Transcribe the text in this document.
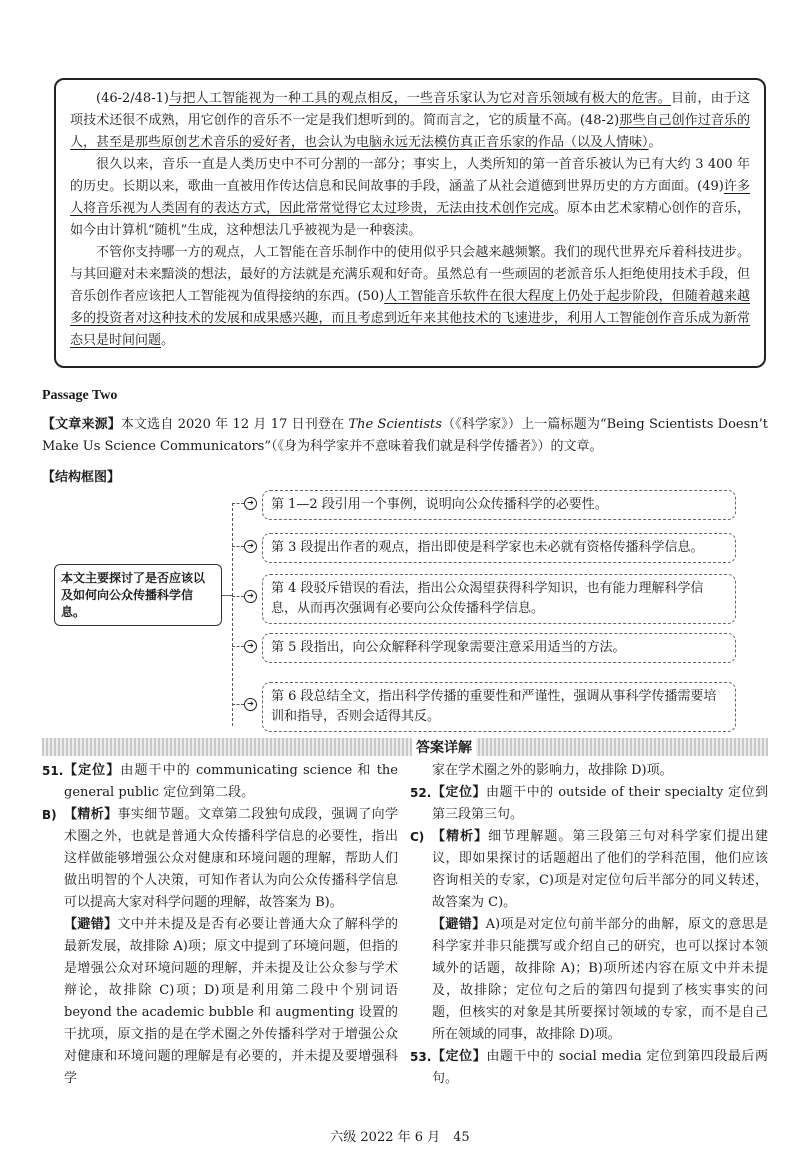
(46-2/48-1)与把人工智能视为一种工具的观点相反，一些音乐家认为它对音乐领域有极大的危害。目前，由于这项技术还很不成熟，用它创作的音乐不一定是我们想听到的。简而言之，它的质量不高。(48-2)那些自己创作过音乐的人，甚至是那些原创艺术音乐的爱好者，也会认为电脑永远无法模仿真正音乐家的作品（以及人情味）。

很久以来，音乐一直是人类历史中不可分割的一部分；事实上，人类所知的第一首音乐被认为已有大约 3 400 年的历史。长期以来，歌曲一直被用作传达信息和民间故事的手段，涵盖了从社会道德到世界历史的方方面面。(49)许多人将音乐视为人类固有的表达方式，因此常常觉得它太过珍贵，无法由技术创作完成。原本由艺术家精心创作的音乐，如今由计算机“随机”生成，这种想法几乎被视为是一种亵渎。

不管你支持哪一方的观点，人工智能在音乐制作中的使用似乎只会越来越频繁。我们的现代世界充斥着科技进步。与其回避对未来黯淡的想法，最好的方法就是充满乐观和好奇。虽然总有一些顽固的老派音乐人拒绝使用技术手段，但音乐创作者应该把人工智能视为值得接纳的东西。(50)人工智能音乐软件在很大程度上仍处于起步阶段，但随着越来越多的投资者对这种技术的发展和成果感兴趣，而且考虑到近年来其他技术的飞速进步，利用人工智能创作音乐成为新常态只是时间问题。

Passage Two
【文章来源】本文选自 2020 年 12 月 17 日刊登在 The Scientists（《科学家》）上一篇标题为“Being Scientists Doesn’t Make Us Science Communicators”（《身为科学家并不意味着我们就是科学传播者》）的文章。
【结构框图】
本文主要探讨了是否应该以及如何向公众传播科学信息。
➔	第 1—2 段引用一个事例，说明向公众传播科学的必要性。
➔	第 3 段提出作者的观点，指出即使是科学家也未必就有资格传播科学信息。
➔	第 4 段驳斥错误的看法，指出公众渴望获得科学知识，也有能力理解科学信息，从而再次强调有必要向公众传播科学信息。
➔	第 5 段指出，向公众解释科学现象需要注意采用适当的方法。
➔	第 6 段总结全文，指出科学传播的重要性和严谨性，强调从事科学传播需要培训和指导，否则会适得其反。
答案详解
51. 【定位】由题干中的 communicating science 和 the general public 定位到第二段。
B) 【精析】事实细节题。文章第二段独句成段，强调了向学术圈之外，也就是普通大众传播科学信息的必要性，指出这样做能够增强公众对健康和环境问题的理解，帮助人们做出明智的个人决策，可知作者认为向公众传播科学信息可以提高大家对科学问题的理解，故答案为 B)。
【避错】文中并未提及是否有必要让普通大众了解科学的最新发展，故排除 A)项；原文中提到了环境问题，但指的是增强公众对环境问题的理解，并未提及让公众参与学术辩论，故排除 C)项；D)项是利用第二段中个别词语 beyond the academic bubble 和 augmenting 设置的干扰项，原文指的是在学术圈之外传播科学对于增强公众对健康和环境问题的理解是有必要的，并未提及要增强科学
家在学术圈之外的影响力，故排除 D)项。
52. 【定位】由题干中的 outside of their specialty 定位到第三段第三句。
C) 【精析】细节理解题。第三段第三句对科学家们提出建议，即如果探讨的话题超出了他们的学科范围，他们应该咨询相关的专家，C)项是对定位句后半部分的同义转述，故答案为 C)。
【避错】A)项是对定位句前半部分的曲解，原文的意思是科学家并非只能撰写或介绍自己的研究，也可以探讨本领域外的话题，故排除 A)；B)项所述内容在原文中并未提及，故排除；定位句之后的第四句提到了核实事实的问题，但核实的对象是其所要探讨领域的专家，而不是自己所在领域的同事，故排除 D)项。
53. 【定位】由题干中的 social media 定位到第四段最后两句。
六级 2022 年 6 月　45
